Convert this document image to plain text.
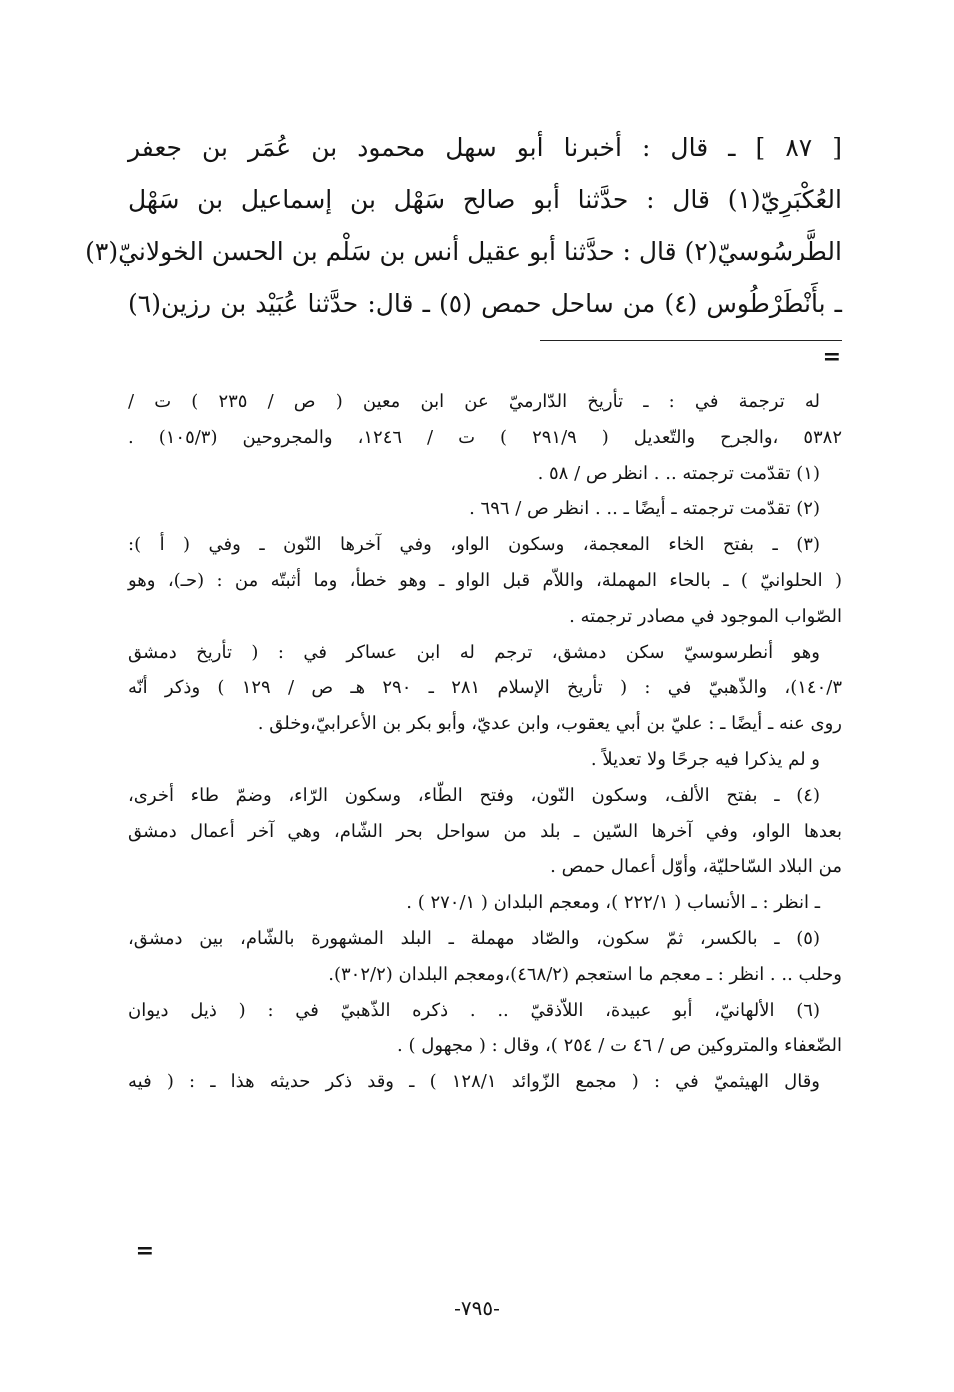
[ ٨٧ ] ـ قال : أخبرنا أبو سهل محمود بن عُمَر بن جعفر
العُكْبَرِيّ(١) قال : حدَّثنا أبو صالح سَهْل بن إسماعيل بن سَهْل
الطَّرسُوسيّ(٢) قال : حدَّثنا أبو عقيل أنس بن سَلْم بن الحسن الخولانيّ(٣)
ـ بأَنْطَرْطُوس (٤) من ساحل حمص (٥) ـ قال: حدَّثنا عُبَيْد بن رزين(٦)
=
له ترجمة في : ـ تأريخ الدّارميّ عن ابن معين ( ص / ٢٣٥ ) ت /
٥٣٨٢ ،والجرح والتّعديل ( ٢٩١/٩ ) ت / ١٢٤٦، والمجروحين (١٠٥/٣) .
(١) تقدّمت ترجمته .. . انظر ص / ٥٨ .
(٢) تقدّمت ترجمته ـ أيضًا ـ .. . انظر ص / ٦٩٦ .
(٣) ـ بفتح الخاء المعجمة، وسكون الواو، وفي آخرها النّون ـ وفي ( أ ):
( الحلوانيّ ) ـ بالحاء المهملة، واللاّم قبل الواو ـ وهو خطأ، وما أثبتّه من : (حـ)، وهو
الصّواب الموجود في مصادر ترجمته .
وهو أنطرسوسيّ سكن دمشق، ترجم له ابن عساكر في : ( تأريخ دمشق
١٤٠/٣)، والذّهبيّ في : ( تأريخ الإسلام ٢٨١ ـ ٢٩٠ هـ ص / ١٢٩ ) وذكر أنّه
روى عنه ـ أيضًا ـ : عليّ بن أبي يعقوب، وابن عديّ، وأبو بكر بن الأعرابيّ،وخلق .
و لم يذكرا فيه جرحًا ولا تعديلاً .
(٤) ـ بفتح الألف، وسكون النّون، وفتح الطّاء، وسكون الرّاء، وضمّ طاء أخرى،
بعدها الواو، وفي آخرها السّين ـ بلد من سواحل بحر الشّام، وهي آخر أعمال دمشق
من البلاد السّاحليّة، وأوّل أعمال حمص .
ـ انظر : ـ الأنساب ( ٢٢٢/١ )، ومعجم البلدان ( ٢٧٠/١ ) .
(٥) ـ بالكسر، ثمّ سكون، والصّاد مهملة ـ البلد المشهورة بالشّام، بين دمشق،
وحلب .. . انظر : ـ معجم ما استعجم (٤٦٨/٢)،ومعجم البلدان (٣٠٢/٢).
(٦) الألهانيّ، أبو عبيدة، اللاّذقيّ .. . ذكره الذّهبيّ في : ( ذيل ديوان
الضّعفاء والمتروكين ص / ٤٦ ت / ٢٥٤ )، وقال : ( مجهول ) .
وقال الهيثميّ في : ( مجمع الزّوائد ١٢٨/١ ) ـ وقد ذكر حديثه هذا ـ : ( فيه
=
-٧٩٥-
